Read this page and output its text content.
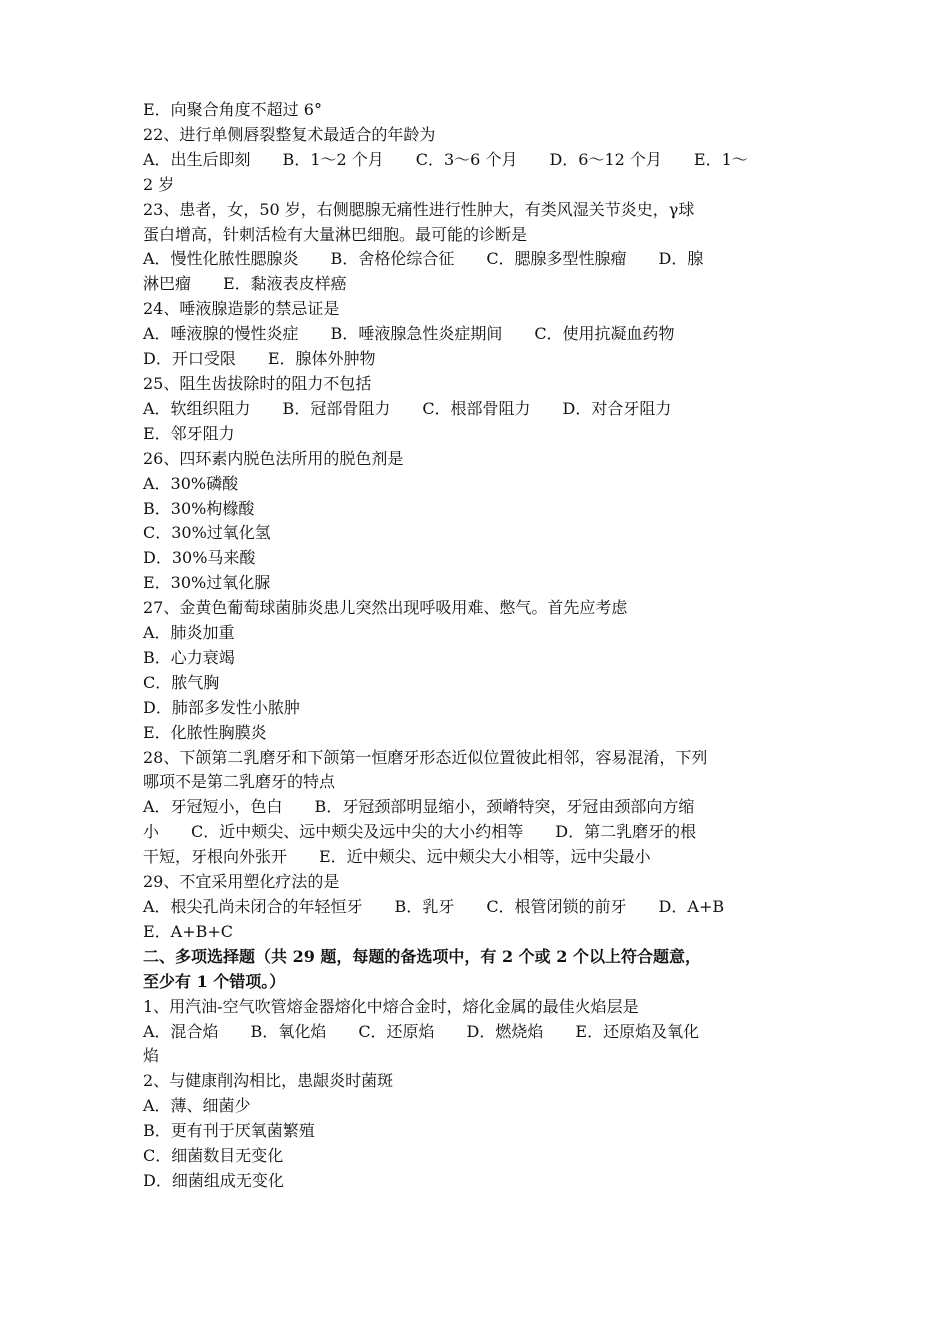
E．向聚合角度不超过 6°
22、进行单侧唇裂整复术最适合的年龄为
A．出生后即刻　　B．1～2 个月　　C．3～6 个月　　D．6～12 个月　　E．1～
2 岁
23、患者，女，50 岁，右侧腮腺无痛性进行性肿大，有类风湿关节炎史，γ球
蛋白增高，针刺活检有大量淋巴细胞。最可能的诊断是
A．慢性化脓性腮腺炎　　B．舍格伦综合征　　C．腮腺多型性腺瘤　　D．腺
淋巴瘤　　E．黏液表皮样癌
24、唾液腺造影的禁忌证是
A．唾液腺的慢性炎症　　B．唾液腺急性炎症期间　　C．使用抗凝血药物
D．开口受限　　E．腺体外肿物
25、阻生齿拔除时的阻力不包括
A．软组织阻力　　B．冠部骨阻力　　C．根部骨阻力　　D．对合牙阻力
E．邻牙阻力
26、四环素内脱色法所用的脱色剂是
A．30%磷酸
B．30%枸橼酸
C．30%过氧化氢
D．30%马来酸
E．30%过氧化脲
27、金黄色葡萄球菌肺炎患儿突然出现呼吸用难、憋气。首先应考虑
A．肺炎加重
B．心力衰竭
C．脓气胸
D．肺部多发性小脓肿
E．化脓性胸膜炎
28、下颌第二乳磨牙和下颌第一恒磨牙形态近似位置彼此相邻，容易混淆，下列
哪项不是第二乳磨牙的特点
A．牙冠短小，色白　　B．牙冠颈部明显缩小，颈嵴特突，牙冠由颈部向方缩
小　　C．近中颊尖、远中颊尖及远中尖的大小约相等　　D．第二乳磨牙的根
干短，牙根向外张开　　E．近中颊尖、远中颊尖大小相等，远中尖最小
29、不宜采用塑化疗法的是
A．根尖孔尚未闭合的年轻恒牙　　B．乳牙　　C．根管闭锁的前牙　　D．A+B
E．A+B+C
二、多项选择题（共 29 题，每题的备选项中，有 2 个或 2 个以上符合题意，
至少有 1 个错项。）
1、用汽油-空气吹管熔金器熔化中熔合金时，熔化金属的最佳火焰层是
A．混合焰　　B．氧化焰　　C．还原焰　　D．燃烧焰　　E．还原焰及氧化
焰
2、与健康削沟相比，患龈炎时菌斑
A．薄、细菌少
B．更有刊于厌氧菌繁殖
C．细菌数目无变化
D．细菌组成无变化
